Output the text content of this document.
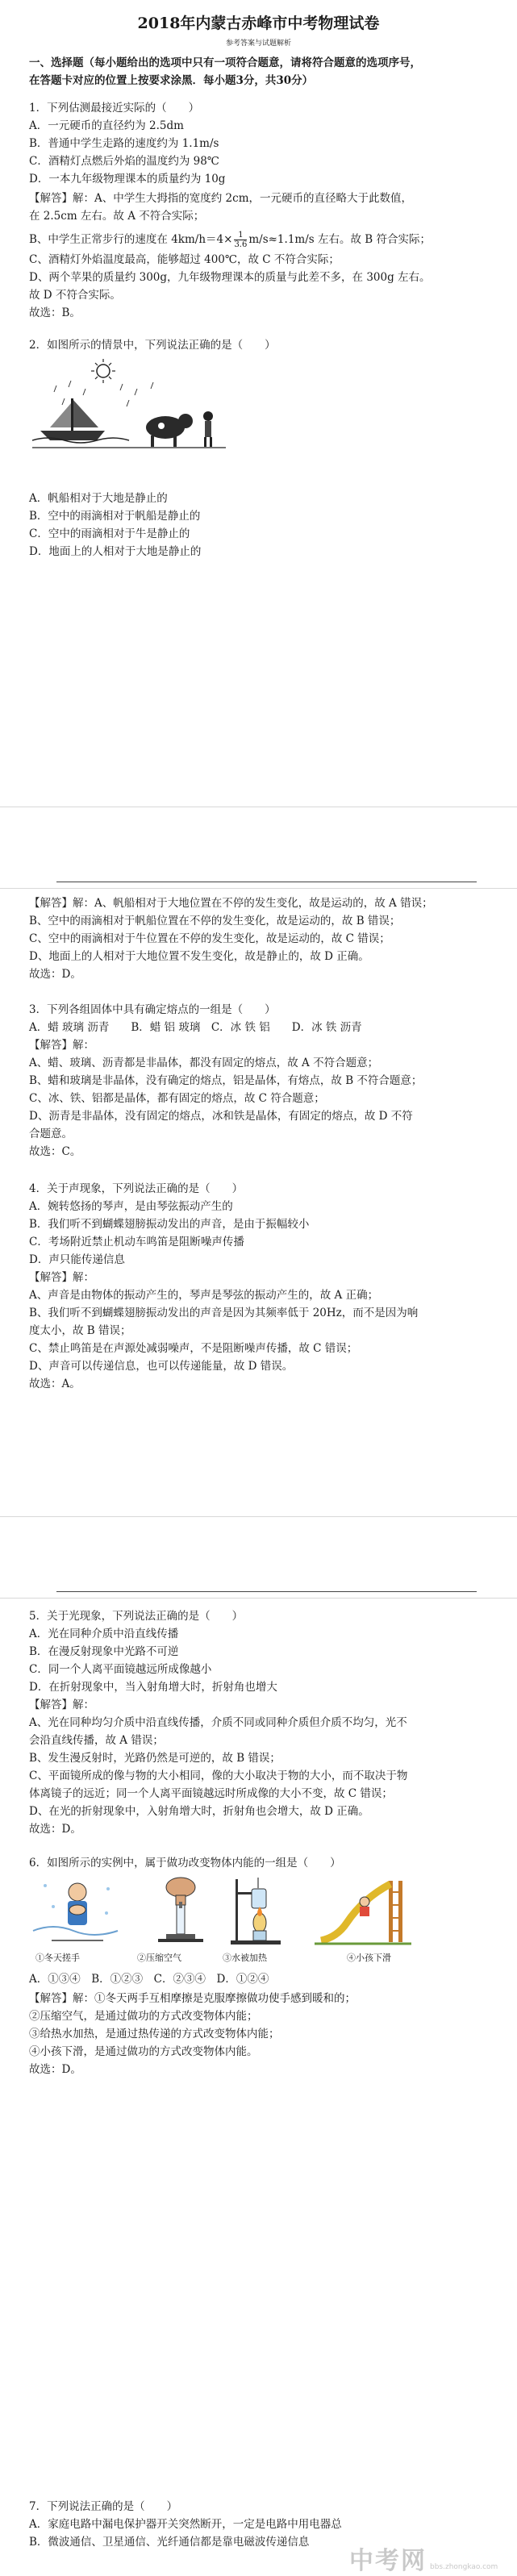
2018年内蒙古赤峰市中考物理试卷
参考答案与试题解析
一、选择题（每小题给出的选项中只有一项符合题意，请将符合题意的选项序号，
在答题卡对应的位置上按要求涂黑．每小题3分，共30分）
1．下列估测最接近实际的（　　）
A．一元硬币的直径约为 2.5dm
B．普通中学生走路的速度约为 1.1m/s
C．酒精灯点燃后外焰的温度约为 98℃
D．一本九年级物理课本的质量约为 10g
【解答】解：A、中学生大拇指的宽度约 2cm，一元硬币的直径略大于此数值，
在 2.5cm 左右。故 A 不符合实际；
B、中学生正常步行的速度在 $4km/h=4\times \frac{1}{3.6} m/s\approx 1.1m/s$ 左右。故 B 符合实际；
C、酒精灯外焰温度最高，能够超过 400℃，故 C 不符合实际；
D、两个苹果的质量约 300g，九年级物理课本的质量与此差不多，在 300g 左右。
故 D 不符合实际。
故选：B。
2．如图所示的情景中，下列说法正确的是（　　）
A．帆船相对于大地是静止的
B．空中的雨滴相对于帆船是静止的
C．空中的雨滴相对于牛是静止的
D．地面上的人相对于大地是静止的
【解答】解：A、帆船相对于大地位置在不停的发生变化，故是运动的，故 A 错误；
B、空中的雨滴相对于帆船位置在不停的发生变化，故是运动的，故 B 错误；
C、空中的雨滴相对于牛位置在不停的发生变化，故是运动的，故 C 错误；
D、地面上的人相对于大地位置不发生变化，故是静止的，故 D 正确。
故选：D。
3．下列各组固体中具有确定熔点的一组是（　　）
A．蜡 玻璃 沥青　　B．蜡 铝 玻璃　C．冰 铁 铝　　D．冰 铁 沥青
【解答】解：
A、蜡、玻璃、沥青都是非晶体，都没有固定的熔点，故 A 不符合题意；
B、蜡和玻璃是非晶体，没有确定的熔点，铝是晶体，有熔点，故 B 不符合题意；
C、冰、铁、铝都是晶体，都有固定的熔点，故 C 符合题意；
D、沥青是非晶体，没有固定的熔点，冰和铁是晶体，有固定的熔点，故 D 不符
合题意。
故选：C。
4．关于声现象，下列说法正确的是（　　）
A．婉转悠扬的琴声，是由琴弦振动产生的
B．我们听不到蝴蝶翅膀振动发出的声音，是由于振幅较小
C．考场附近禁止机动车鸣笛是阻断噪声传播
D．声只能传递信息
【解答】解：
A、声音是由物体的振动产生的，琴声是琴弦的振动产生的，故 A 正确；
B、我们听不到蝴蝶翅膀振动发出的声音是因为其频率低于 20Hz，而不是因为响
度太小，故 B 错误；
C、禁止鸣笛是在声源处减弱噪声，不是阻断噪声传播，故 C 错误；
D、声音可以传递信息，也可以传递能量，故 D 错误。
故选：A。
5．关于光现象，下列说法正确的是（　　）
A．光在同种介质中沿直线传播
B．在漫反射现象中光路不可逆
C．同一个人离平面镜越远所成像越小
D．在折射现象中，当入射角增大时，折射角也增大
【解答】解：
A、光在同种均匀介质中沿直线传播，介质不同或同种介质但介质不均匀，光不
会沿直线传播，故 A 错误；
B、发生漫反射时，光路仍然是可逆的，故 B 错误；
C、平面镜所成的像与物的大小相同，像的大小取决于物的大小，而不取决于物
体离镜子的远近；同一个人离平面镜越远时所成像的大小不变，故 C 错误；
D、在光的折射现象中，入射角增大时，折射角也会增大，故 D 正确。
故选：D。
6．如图所示的实例中，属于做功改变物体内能的一组是（　　）
①冬天搓手	②压缩空气	③水被加热	④小孩下滑
A．①③④　B．①②③　C．②③④　D．①②④
【解答】解：①冬天两手互相摩擦是克服摩擦做功使手感到暖和的；
②压缩空气，是通过做功的方式改变物体内能；
③给热水加热，是通过热传递的方式改变物体内能；
④小孩下滑，是通过做功的方式改变物体内能。
故选：D。
7．下列说法正确的是（　　）
A．家庭电路中漏电保护器开关突然断开，一定是电路中用电器总
B．微波通信、卫星通信、光纤通信都是靠电磁波传递信息
中考网 bbs.zhongkao.com
